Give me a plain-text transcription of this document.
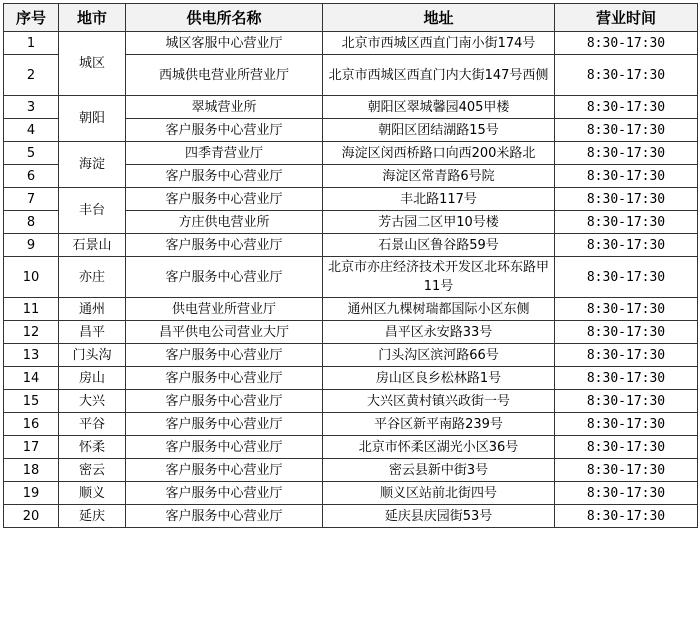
序号	地市	供电所名称	地址	营业时间
1	城区	城区客服中心营业厅	北京市西城区西直门南小街174号	8:30-17:30
2		西城供电营业所营业厅	北京市西城区西直门内大街147号西侧	8:30-17:30
3	朝阳	翠城营业所	朝阳区翠城馨园405甲楼	8:30-17:30
4		客户服务中心营业厅	朝阳区团结湖路15号	8:30-17:30
5	海淀	四季青营业厅	海淀区闵西桥路口向西200米路北	8:30-17:30
6		客户服务中心营业厅	海淀区常青路6号院	8:30-17:30
7	丰台	客户服务中心营业厅	丰北路117号	8:30-17:30
8		方庄供电营业所	芳古园二区甲10号楼	8:30-17:30
9	石景山	客户服务中心营业厅	石景山区鲁谷路59号	8:30-17:30
10	亦庄	客户服务中心营业厅	北京市亦庄经济技术开发区北环东路甲11号	8:30-17:30
11	通州	供电营业所营业厅	通州区九棵树瑞都国际小区东侧	8:30-17:30
12	昌平	昌平供电公司营业大厅	昌平区永安路33号	8:30-17:30
13	门头沟	客户服务中心营业厅	门头沟区滨河路66号	8:30-17:30
14	房山	客户服务中心营业厅	房山区良乡松林路1号	8:30-17:30
15	大兴	客户服务中心营业厅	大兴区黄村镇兴政街一号	8:30-17:30
16	平谷	客户服务中心营业厅	平谷区新平南路239号	8:30-17:30
17	怀柔	客户服务中心营业厅	北京市怀柔区湖光小区36号	8:30-17:30
18	密云	客户服务中心营业厅	密云县新中街3号	8:30-17:30
19	顺义	客户服务中心营业厅	顺义区站前北街四号	8:30-17:30
20	延庆	客户服务中心营业厅	延庆县庆园街53号	8:30-17:30
